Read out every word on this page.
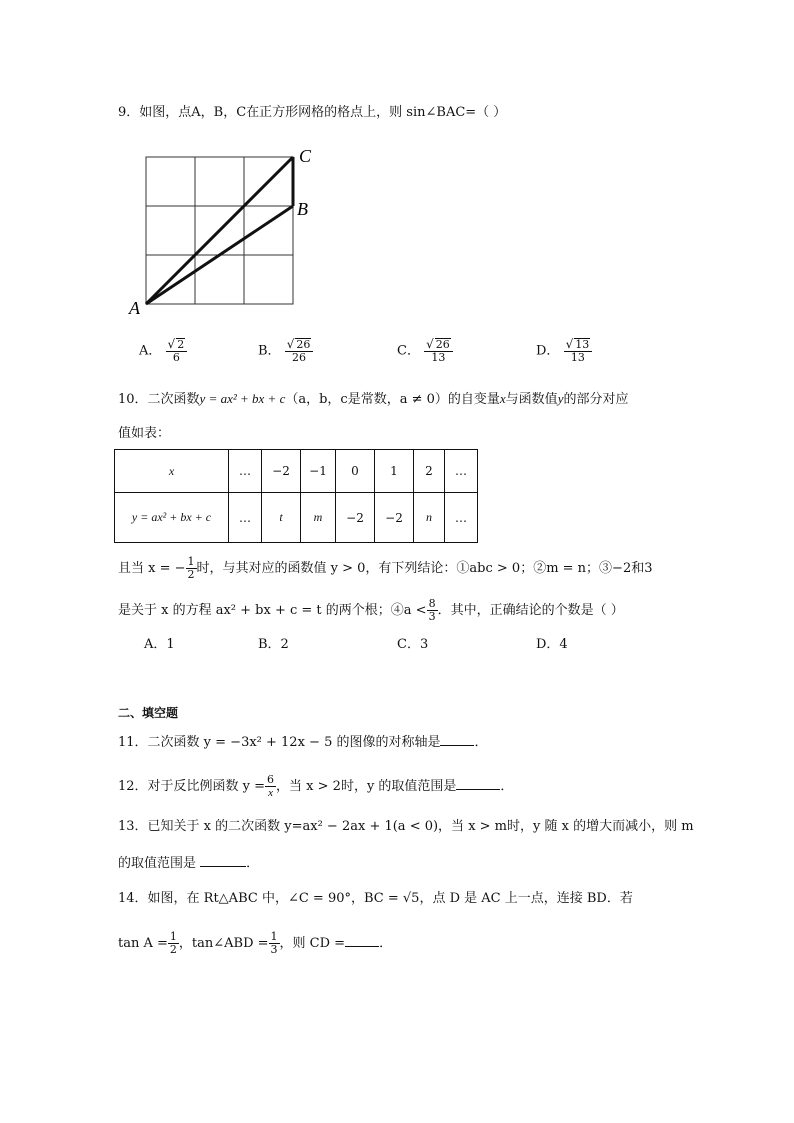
9．如图，点A，B，C在正方形网格的格点上，则 sin∠BAC=（ ）
C
B
A
A． $\frac{√ 2}{6}$	B． $\frac{√ 26}{26}$	C． $\frac{√ 26}{13}$	D． $\frac{√ 13}{13}$
10．二次函数y = ax² + bx + c（a，b，c是常数，a ≠ 0）的自变量x与函数值y的部分对应
值如表：
x	…	−2	−1	0	1	2	…
y = ax² + bx + c	…	t	m	−2	−2	n	…
且当 x = − $\frac{1}{2}$ 时，与其对应的函数值 y > 0，有下列结论：①abc > 0；②m = n；③−2和3
是关于 x 的方程 ax² + bx + c = t 的两个根；④a < $\frac{8}{3}$ ．其中，正确结论的个数是（ ）
A．1	B．2	C．3	D．4
二、填空题
11．二次函数 y = −3x² + 12x − 5 的图像的对称轴是	．
12．对于反比例函数 $y = \frac{6}{x}$ ，当 x > 2时，y 的取值范围是	．
13．已知关于 x 的二次函数 y=ax² − 2ax + 1(a < 0)，当 x > m时，y 随 x 的增大而减小，则 m
的取值范围是	．
14．如图，在 Rt△ABC 中，∠C = 90°，BC = √5，点 D 是 AC 上一点，连接 BD．若
$\tan A = \frac{1}{2}$ ，tan∠ABD = $\frac{1}{3}$ ，则 CD =	．
